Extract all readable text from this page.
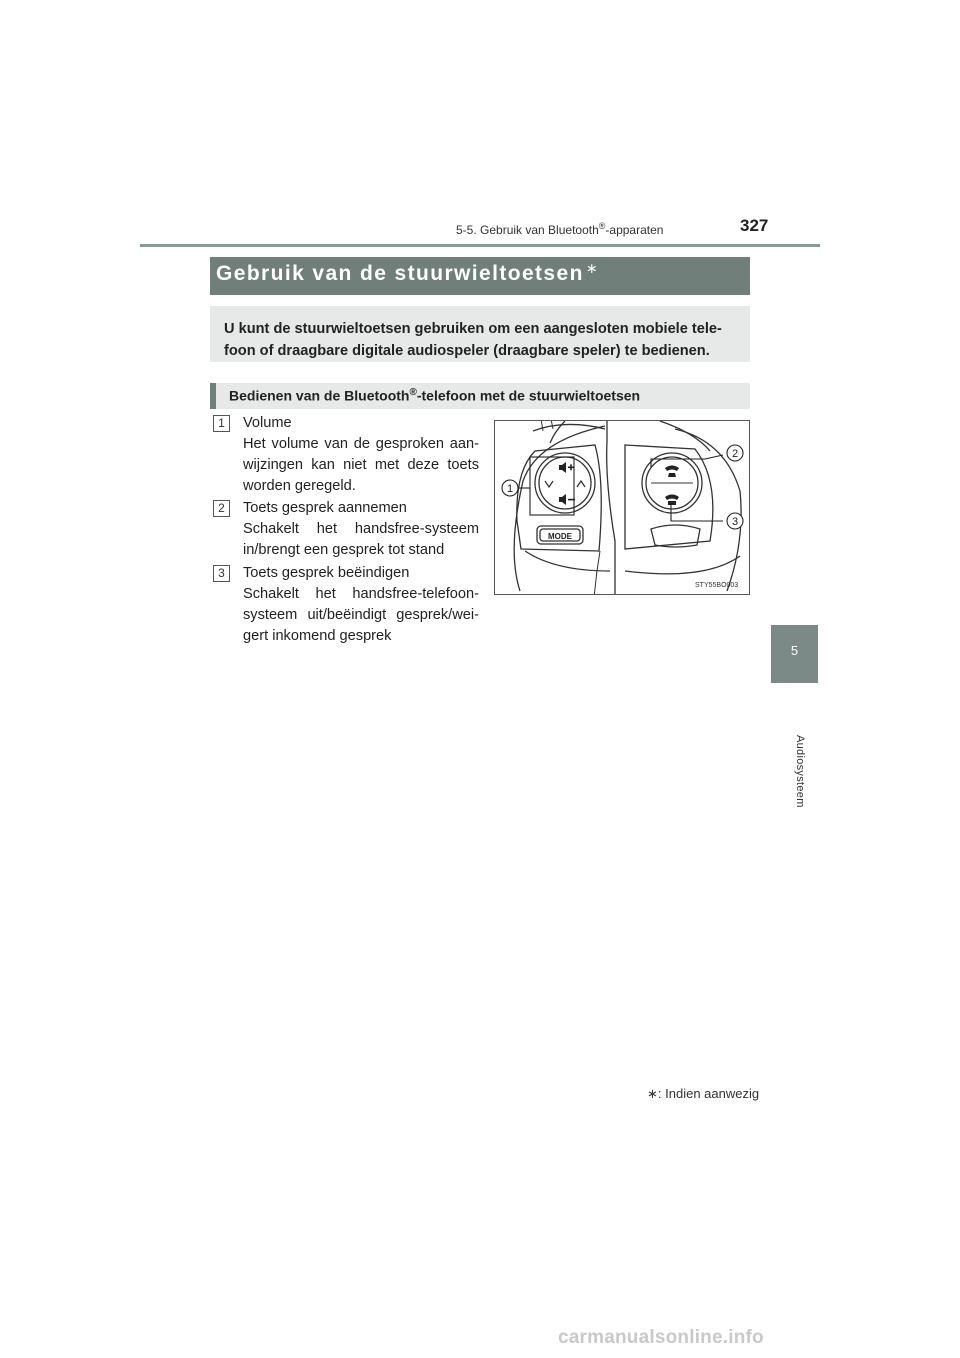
5-5. Gebruik van Bluetooth®-apparaten	327
5
Audiosysteem
Gebruik van de stuurwieltoetsen ∗
U kunt de stuurwieltoetsen gebruiken om een aangesloten mobiele tele-foon of draagbare digitale audiospeler (draagbare speler) te bedienen.
Bedienen van de Bluetooth®-telefoon met de stuurwieltoetsen
1	Volume
Het volume van de gesproken aan-wijzingen kan niet met deze toets worden geregeld.
2	Toets gesprek aannemen
Schakelt het handsfree-systeem in/brengt een gesprek tot stand
3	Toets gesprek beëindigen
Schakelt het handsfree-telefoon-systeem uit/beëindigt gesprek/wei-gert inkomend gesprek
1
2
3
MODE
STY55BO003
∗: Indien aanwezig
carmanualsonline.info
